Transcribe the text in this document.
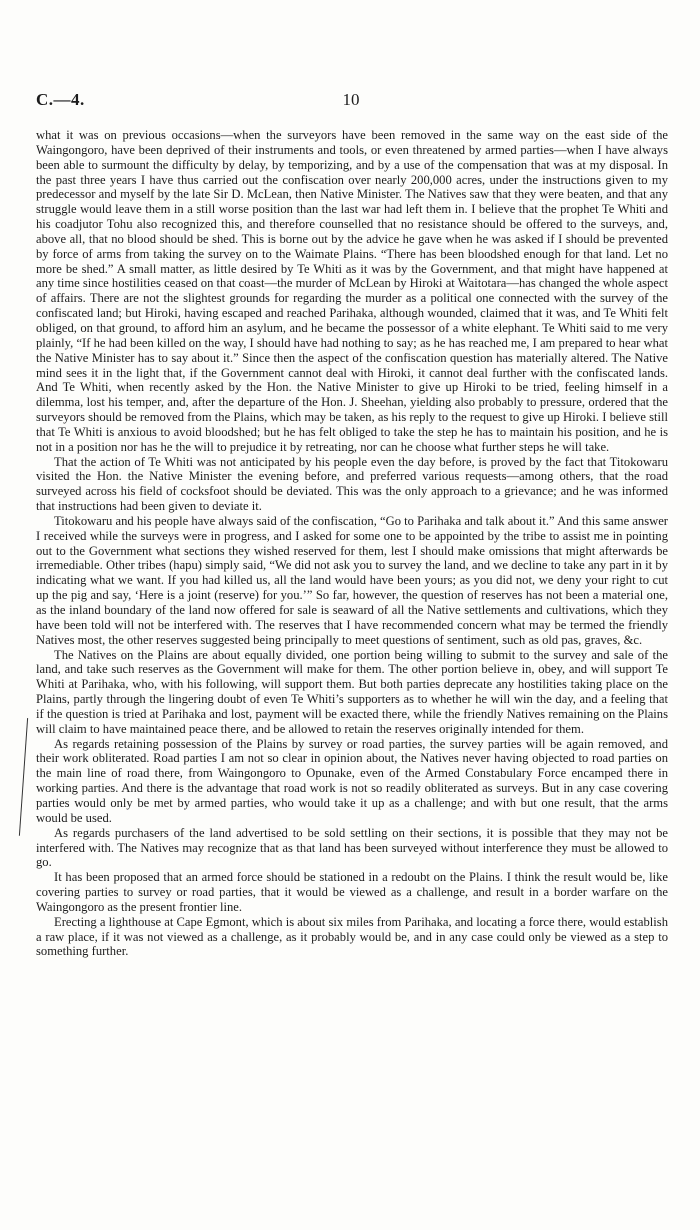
C.—4.	10

what it was on previous occasions—when the surveyors have been removed in the same way on the east side of the Waingongoro, have been deprived of their instruments and tools, or even threatened by armed parties—when I have always been able to surmount the difficulty by delay, by temporizing, and by a use of the compensation that was at my disposal. In the past three years I have thus carried out the confiscation over nearly 200,000 acres, under the instructions given to my predecessor and myself by the late Sir D. McLean, then Native Minister. The Natives saw that they were beaten, and that any struggle would leave them in a still worse position than the last war had left them in. I believe that the prophet Te Whiti and his coadjutor Tohu also recognized this, and therefore counselled that no resistance should be offered to the surveys, and, above all, that no blood should be shed. This is borne out by the advice he gave when he was asked if I should be prevented by force of arms from taking the survey on to the Waimate Plains. “There has been bloodshed enough for that land. Let no more be shed.” A small matter, as little desired by Te Whiti as it was by the Government, and that might have happened at any time since hostilities ceased on that coast—the murder of McLean by Hiroki at Waitotara—has changed the whole aspect of affairs. There are not the slightest grounds for regarding the murder as a political one connected with the survey of the confiscated land; but Hiroki, having escaped and reached Parihaka, although wounded, claimed that it was, and Te Whiti felt obliged, on that ground, to afford him an asylum, and he became the possessor of a white elephant. Te Whiti said to me very plainly, “If he had been killed on the way, I should have had nothing to say; as he has reached me, I am prepared to hear what the Native Minister has to say about it.” Since then the aspect of the confiscation question has materially altered. The Native mind sees it in the light that, if the Government cannot deal with Hiroki, it cannot deal further with the confiscated lands. And Te Whiti, when recently asked by the Hon. the Native Minister to give up Hiroki to be tried, feeling himself in a dilemma, lost his temper, and, after the departure of the Hon. J. Sheehan, yielding also probably to pressure, ordered that the surveyors should be removed from the Plains, which may be taken, as his reply to the request to give up Hiroki. I believe still that Te Whiti is anxious to avoid bloodshed; but he has felt obliged to take the step he has to maintain his position, and he is not in a position nor has he the will to prejudice it by retreating, nor can he choose what further steps he will take.

That the action of Te Whiti was not anticipated by his people even the day before, is proved by the fact that Titokowaru visited the Hon. the Native Minister the evening before, and preferred various requests—among others, that the road surveyed across his field of cocksfoot should be deviated. This was the only approach to a grievance; and he was informed that instructions had been given to deviate it.

Titokowaru and his people have always said of the confiscation, “Go to Parihaka and talk about it.” And this same answer I received while the surveys were in progress, and I asked for some one to be appointed by the tribe to assist me in pointing out to the Government what sections they wished reserved for them, lest I should make omissions that might afterwards be irremediable. Other tribes (hapu) simply said, “We did not ask you to survey the land, and we decline to take any part in it by indicating what we want. If you had killed us, all the land would have been yours; as you did not, we deny your right to cut up the pig and say, ‘Here is a joint (reserve) for you.’” So far, however, the question of reserves has not been a material one, as the inland boundary of the land now offered for sale is seaward of all the Native settlements and cultivations, which they have been told will not be interfered with. The reserves that I have recommended concern what may be termed the friendly Natives most, the other reserves suggested being principally to meet questions of sentiment, such as old pas, graves, &c.

The Natives on the Plains are about equally divided, one portion being willing to submit to the survey and sale of the land, and take such reserves as the Government will make for them. The other portion believe in, obey, and will support Te Whiti at Parihaka, who, with his following, will support them. But both parties deprecate any hostilities taking place on the Plains, partly through the lingering doubt of even Te Whiti’s supporters as to whether he will win the day, and a feeling that if the question is tried at Parihaka and lost, payment will be exacted there, while the friendly Natives remaining on the Plains will claim to have maintained peace there, and be allowed to retain the reserves originally intended for them.

As regards retaining possession of the Plains by survey or road parties, the survey parties will be again removed, and their work obliterated. Road parties I am not so clear in opinion about, the Natives never having objected to road parties on the main line of road there, from Waingongoro to Opunake, even of the Armed Constabulary Force encamped there in working parties. And there is the advantage that road work is not so readily obliterated as surveys. But in any case covering parties would only be met by armed parties, who would take it up as a challenge; and with but one result, that the arms would be used.

As regards purchasers of the land advertised to be sold settling on their sections, it is possible that they may not be interfered with. The Natives may recognize that as that land has been surveyed without interference they must be allowed to go.

It has been proposed that an armed force should be stationed in a redoubt on the Plains. I think the result would be, like covering parties to survey or road parties, that it would be viewed as a challenge, and result in a border warfare on the Waingongoro as the present frontier line.

Erecting a lighthouse at Cape Egmont, which is about six miles from Parihaka, and locating a force there, would establish a raw place, if it was not viewed as a challenge, as it probably would be, and in any case could only be viewed as a step to something further.
